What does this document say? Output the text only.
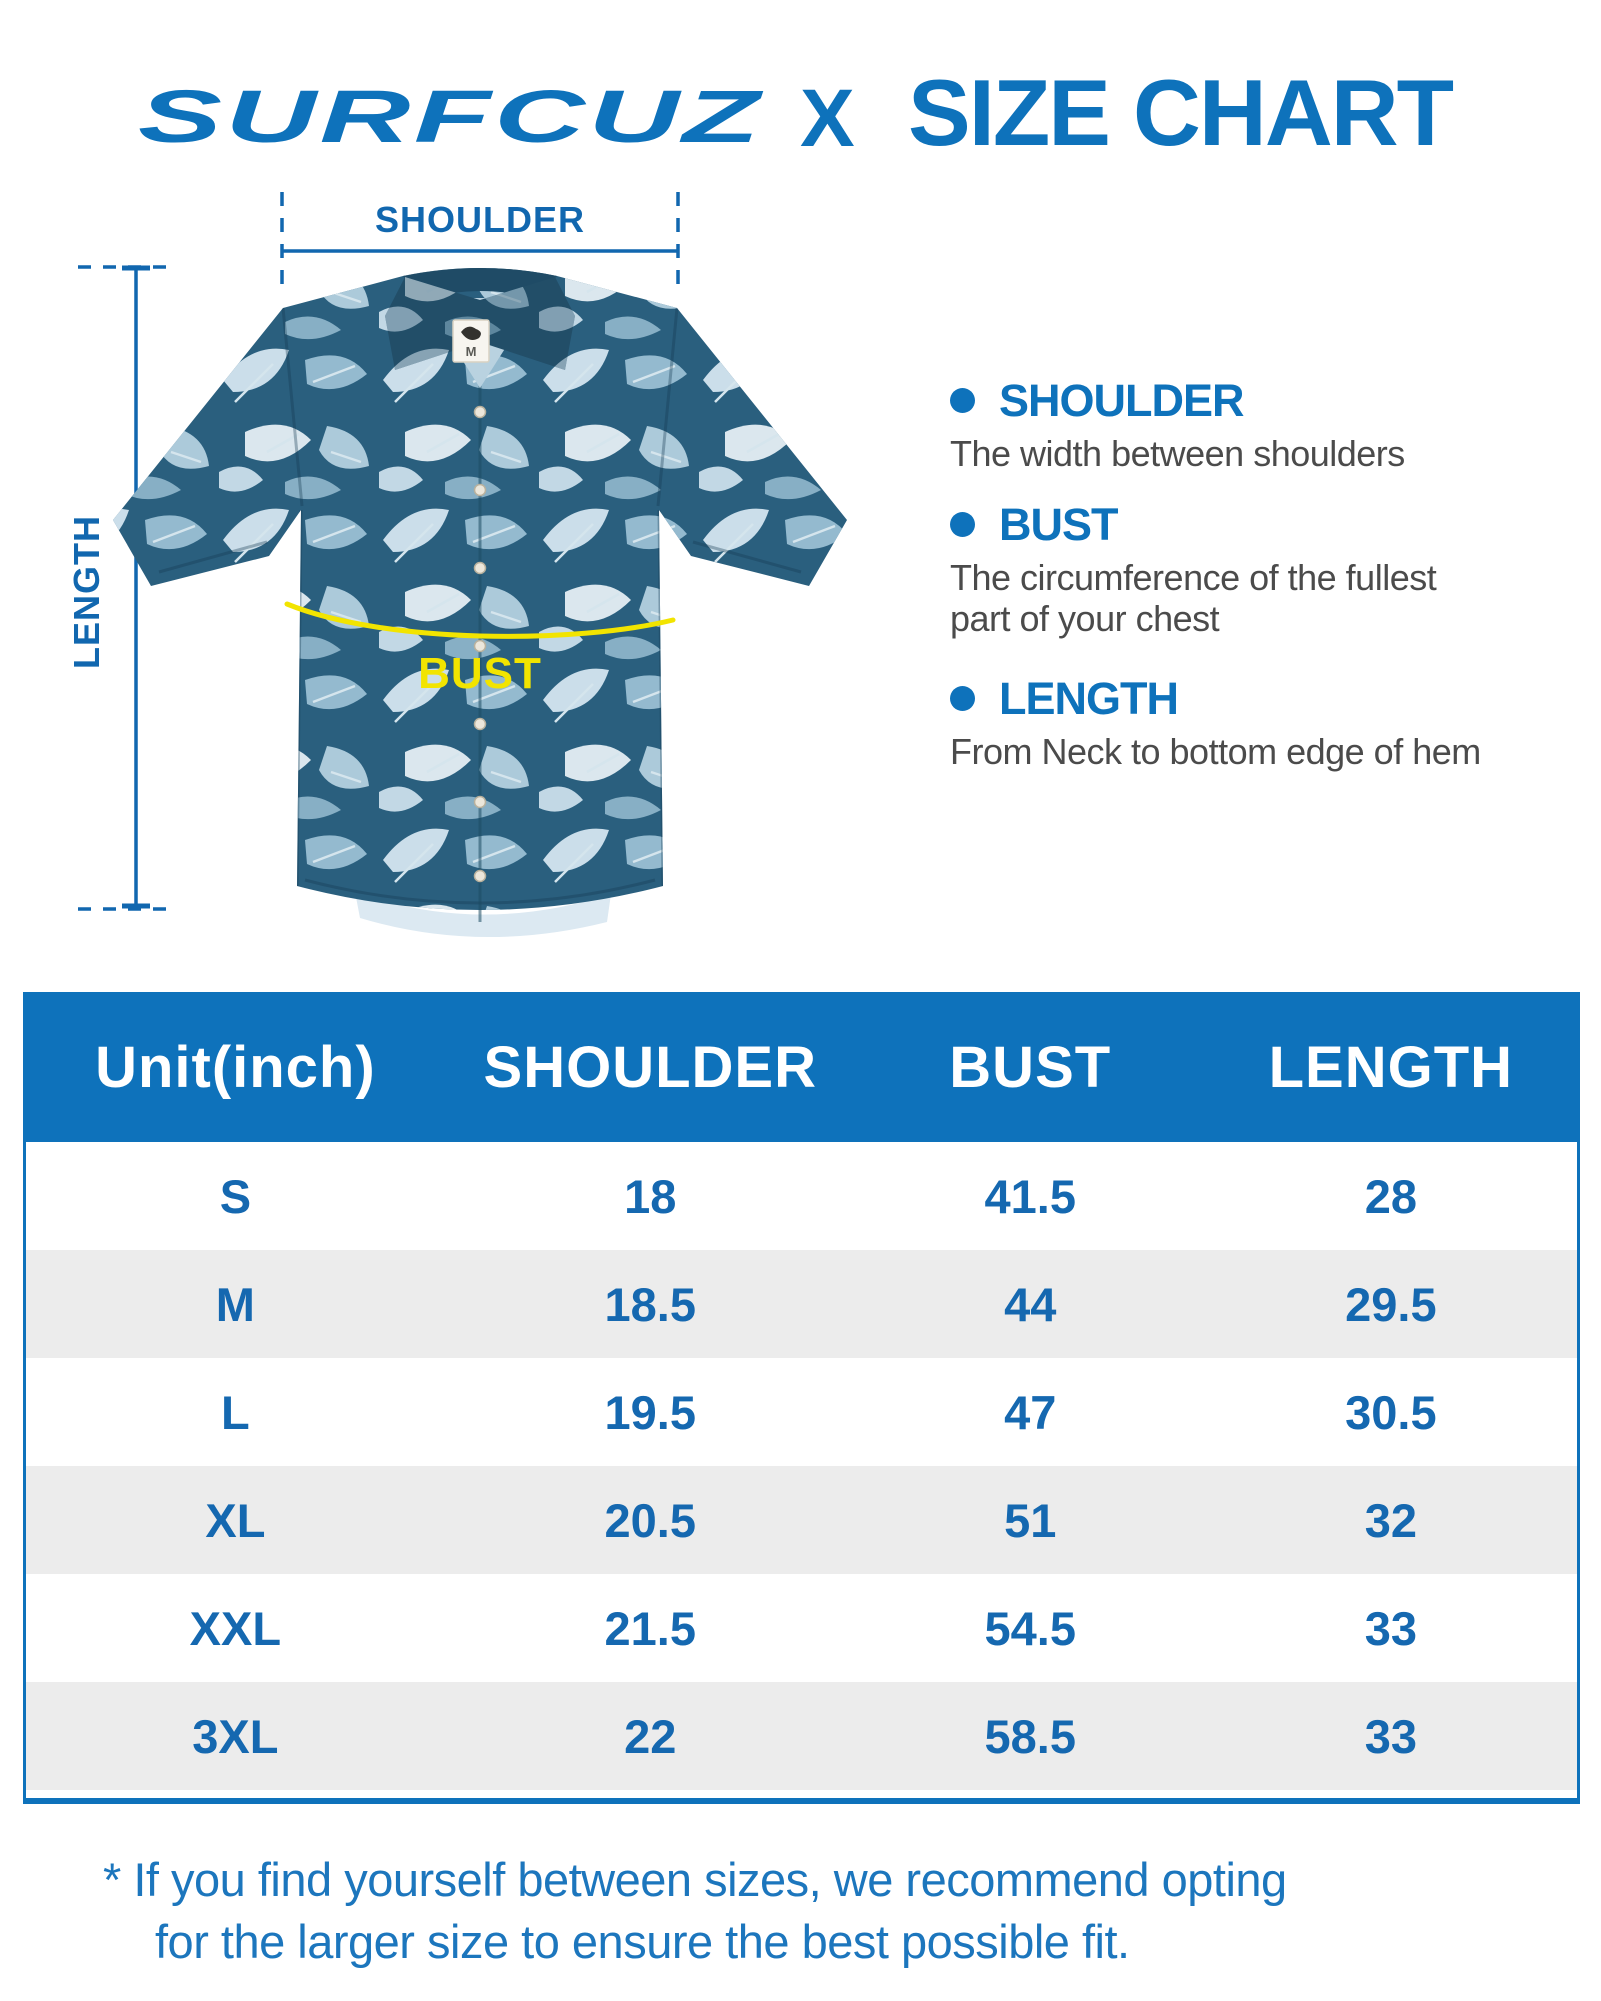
SURFCUZ X SIZE CHART
SHOULDER
LENGTH
M
BUST
SHOULDER
The width between shoulders
BUST
The circumference of the fullest part of your chest
LENGTH
From Neck to bottom edge of hem
Unit(inch)	SHOULDER	BUST	LENGTH
S	18	41.5	28
M	18.5	44	29.5
L	19.5	47	30.5
XL	20.5	51	32
XXL	21.5	54.5	33
3XL	22	58.5	33
* If you find yourself between sizes, we recommend opting
for the larger size to ensure the best possible fit.
